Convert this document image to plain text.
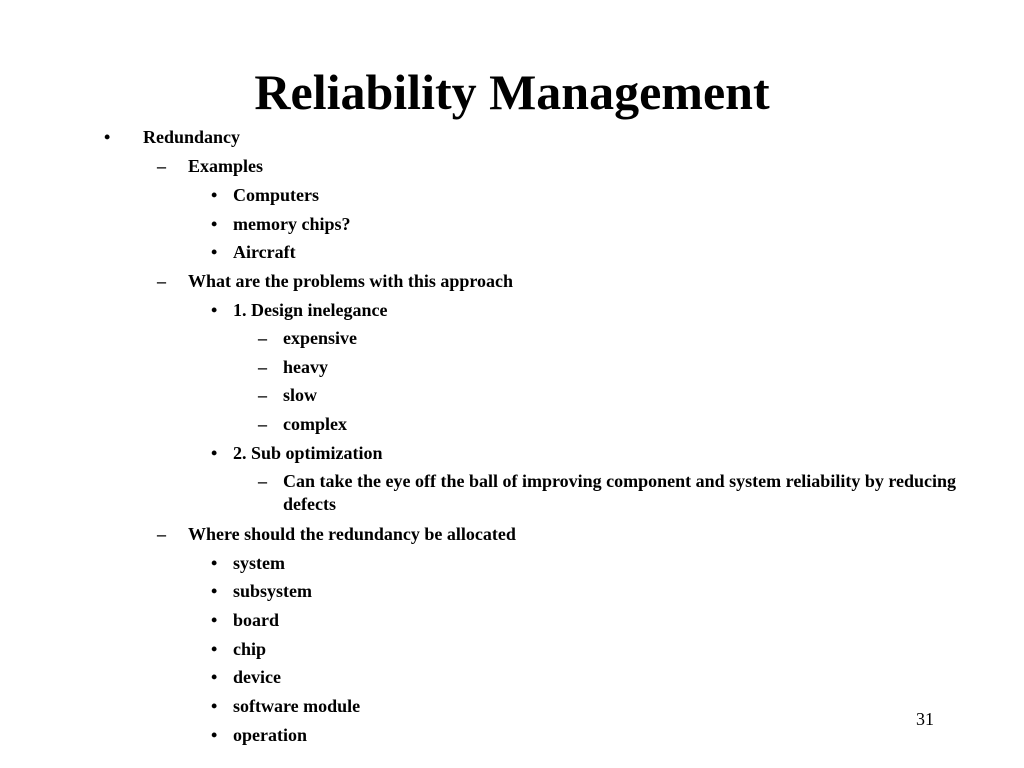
Reliability Management
• Redundancy
– Examples
• Computers
• memory chips?
• Aircraft
– What are the problems with this approach
• 1. Design inelegance
– expensive
– heavy
– slow
– complex
• 2. Sub optimization
– Can take the eye off the ball of improving component and system reliability by reducing defects
– Where should the redundancy be allocated
• system
• subsystem
• board
• chip
• device
• software module
• operation
31
